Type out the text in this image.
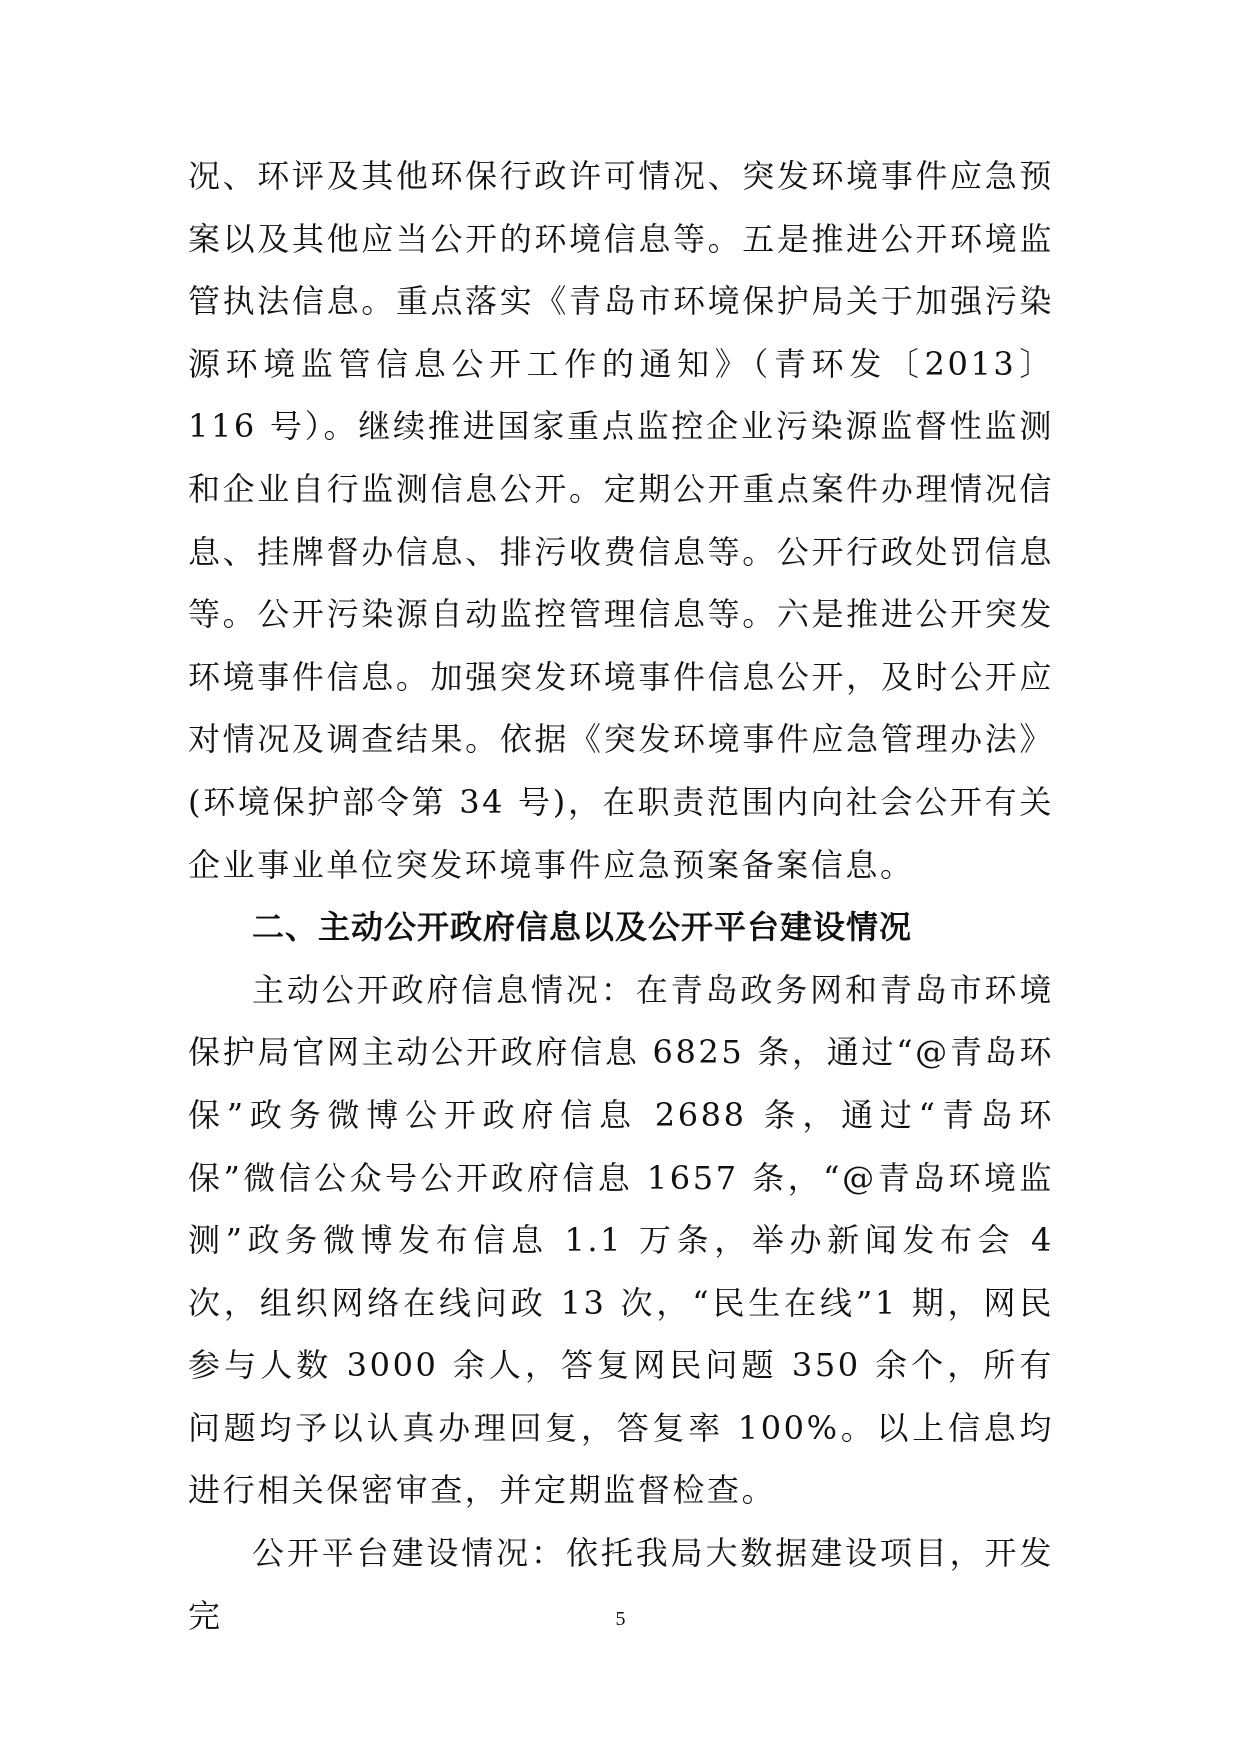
况、环评及其他环保行政许可情况、突发环境事件应急预案以及其他应当公开的环境信息等。五是推进公开环境监管执法信息。重点落实《青岛市环境保护局关于加强污染源环境监管信息公开工作的通知》（青环发〔2013〕116 号）。继续推进国家重点监控企业污染源监督性监测和企业自行监测信息公开。定期公开重点案件办理情况信息、挂牌督办信息、排污收费信息等。公开行政处罚信息等。公开污染源自动监控管理信息等。六是推进公开突发环境事件信息。加强突发环境事件信息公开，及时公开应对情况及调查结果。依据《突发环境事件应急管理办法》(环境保护部令第 34 号)，在职责范围内向社会公开有关企业事业单位突发环境事件应急预案备案信息。

二、主动公开政府信息以及公开平台建设情况

主动公开政府信息情况：在青岛政务网和青岛市环境保护局官网主动公开政府信息 6825 条，通过“@青岛环保”政务微博公开政府信息 2688 条，通过“青岛环保”微信公众号公开政府信息 1657 条，“@青岛环境监测”政务微博发布信息 1.1 万条，举办新闻发布会 4 次，组织网络在线问政 13 次，“民生在线”1 期，网民参与人数 3000 余人，答复网民问题 350 余个，所有问题均予以认真办理回复，答复率 100%。以上信息均进行相关保密审查，并定期监督检查。

公开平台建设情况：依托我局大数据建设项目，开发完	5
